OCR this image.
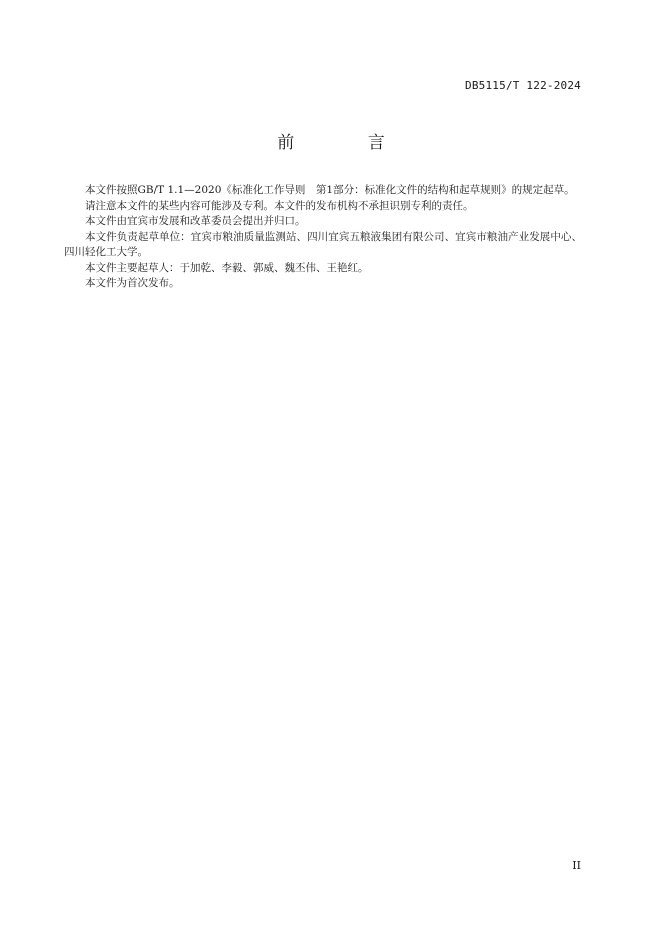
DB5115/T 122-2024
前 言

本文件按照GB/T 1.1—2020《标准化工作导则　第1部分：标准化文件的结构和起草规则》的规定起草。

请注意本文件的某些内容可能涉及专利。本文件的发布机构不承担识别专利的责任。

本文件由宜宾市发展和改革委员会提出并归口。

本文件负责起草单位：宜宾市粮油质量监测站、四川宜宾五粮液集团有限公司、宜宾市粮油产业发展中心、四川轻化工大学。

本文件主要起草人：于加乾、李毅、郭威、魏丕伟、王艳红。

本文件为首次发布。

II
